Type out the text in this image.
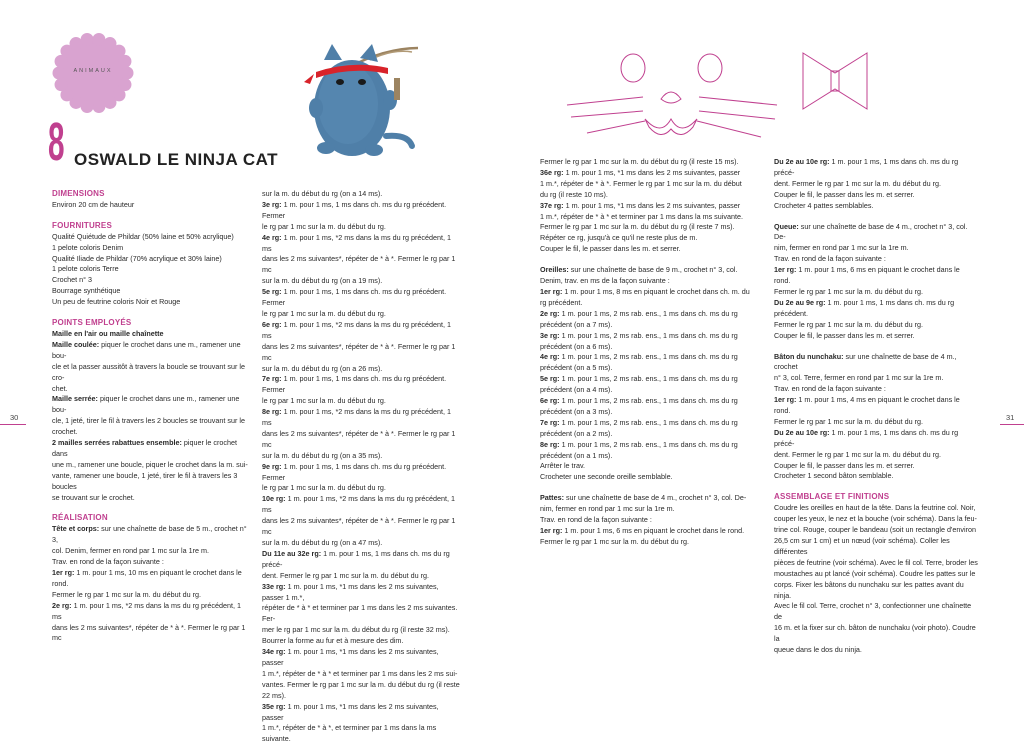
ANIMAUX
8 OSWALD LE NINJA CAT
30	31

DIMENSIONS

Environ 20 cm de hauteur

FOURNITURES

Qualité Quiétude de Phildar (50% laine et 50% acrylique)

1 pelote coloris Denim

Qualité Iliade de Phildar (70% acrylique et 30% laine)

1 pelote coloris Terre

Crochet n° 3

Bourrage synthétique

Un peu de feutrine coloris Noir et Rouge

POINTS EMPLOYÉS

Maille en l'air ou maille chaînette

Maille coulée: piquer le crochet dans une m., ramener une bou-

cle et la passer aussitôt à travers la boucle se trouvant sur le cro-

chet.

Maille serrée: piquer le crochet dans une m., ramener une bou-

cle, 1 jeté, tirer le fil à travers les 2 boucles se trouvant sur le

crochet.

2 mailles serrées rabattues ensemble: piquer le crochet dans

une m., ramener une boucle, piquer le crochet dans la m. sui-

vante, ramener une boucle, 1 jeté, tirer le fil à travers les 3 boucles

se trouvant sur le crochet.

RÉALISATION

Tête et corps: sur une chaînette de base de 5 m., crochet n° 3,

col. Denim, fermer en rond par 1 mc sur la 1re m.

Trav. en rond de la façon suivante :

1er rg: 1 m. pour 1 ms, 10 ms en piquant le crochet dans le rond.

Fermer le rg par 1 mc sur la m. du début du rg.

2e rg: 1 m. pour 1 ms, *2 ms dans la ms du rg précédent, 1 ms

dans les 2 ms suivantes*, répéter de * à *. Fermer le rg par 1 mc

sur la m. du début du rg (on a 14 ms).

3e rg: 1 m. pour 1 ms, 1 ms dans ch. ms du rg précédent. Fermer

le rg par 1 mc sur la m. du début du rg.

4e rg: 1 m. pour 1 ms, *2 ms dans la ms du rg précédent, 1 ms

dans les 2 ms suivantes*, répéter de * à *. Fermer le rg par 1 mc

sur la m. du début du rg (on a 19 ms).

5e rg: 1 m. pour 1 ms, 1 ms dans ch. ms du rg précédent. Fermer

le rg par 1 mc sur la m. du début du rg.

6e rg: 1 m. pour 1 ms, *2 ms dans la ms du rg précédent, 1 ms

dans les 2 ms suivantes*, répéter de * à *. Fermer le rg par 1 mc

sur la m. du début du rg (on a 26 ms).

7e rg: 1 m. pour 1 ms, 1 ms dans ch. ms du rg précédent. Fermer

le rg par 1 mc sur la m. du début du rg.

8e rg: 1 m. pour 1 ms, *2 ms dans la ms du rg précédent, 1 ms

dans les 2 ms suivantes*, répéter de * à *. Fermer le rg par 1 mc

sur la m. du début du rg (on a 35 ms).

9e rg: 1 m. pour 1 ms, 1 ms dans ch. ms du rg précédent. Fermer

le rg par 1 mc sur la m. du début du rg.

10e rg: 1 m. pour 1 ms, *2 ms dans la ms du rg précédent, 1 ms

dans les 2 ms suivantes*, répéter de * à *. Fermer le rg par 1 mc

sur la m. du début du rg (on a 47 ms).

Du 11e au 32e rg: 1 m. pour 1 ms, 1 ms dans ch. ms du rg précé-

dent. Fermer le rg par 1 mc sur la m. du début du rg.

33e rg: 1 m. pour 1 ms, *1 ms dans les 2 ms suivantes, passer 1 m.*,

répéter de * à * et terminer par 1 ms dans les 2 ms suivantes. Fer-

mer le rg par 1 mc sur la m. du début du rg (il reste 32 ms).

Bourrer la forme au fur et à mesure des dim.

34e rg: 1 m. pour 1 ms, *1 ms dans les 2 ms suivantes, passer

1 m.*, répéter de * à * et terminer par 1 ms dans les 2 ms sui-

vantes. Fermer le rg par 1 mc sur la m. du début du rg (il reste

22 ms).

35e rg: 1 m. pour 1 ms, *1 ms dans les 2 ms suivantes, passer

1 m.*, répéter de * à *, et terminer par 1 ms dans la ms suivante.

Fermer le rg par 1 mc sur la m. du début du rg (il reste 15 ms).

36e rg: 1 m. pour 1 ms, *1 ms dans les 2 ms suivantes, passer

1 m.*, répéter de * à *. Fermer le rg par 1 mc sur la m. du début

du rg (il reste 10 ms).

37e rg: 1 m. pour 1 ms, *1 ms dans les 2 ms suivantes, passer

1 m.*, répéter de * à * et terminer par 1 ms dans la ms suivante.

Fermer le rg par 1 mc sur la m. du début du rg (il reste 7 ms).

Répéter ce rg, jusqu'à ce qu'il ne reste plus de m.

Couper le fil, le passer dans les m. et serrer.

Oreilles: sur une chaînette de base de 9 m., crochet n° 3, col.

Denim, trav. en ms de la façon suivante :

1er rg: 1 m. pour 1 ms, 8 ms en piquant le crochet dans ch. m. du

rg précédent.

2e rg: 1 m. pour 1 ms, 2 ms rab. ens., 1 ms dans ch. ms du rg

précédent (on a 7 ms).

3e rg: 1 m. pour 1 ms, 2 ms rab. ens., 1 ms dans ch. ms du rg

précédent (on a 6 ms).

4e rg: 1 m. pour 1 ms, 2 ms rab. ens., 1 ms dans ch. ms du rg

précédent (on a 5 ms).

5e rg: 1 m. pour 1 ms, 2 ms rab. ens., 1 ms dans ch. ms du rg

précédent (on a 4 ms).

6e rg: 1 m. pour 1 ms, 2 ms rab. ens., 1 ms dans ch. ms du rg

précédent (on a 3 ms).

7e rg: 1 m. pour 1 ms, 2 ms rab. ens., 1 ms dans ch. ms du rg

précédent (on a 2 ms).

8e rg: 1 m. pour 1 ms, 2 ms rab. ens., 1 ms dans ch. ms du rg

précédent (on a 1 ms).

Arrêter le trav.

Crocheter une seconde oreille semblable.

Pattes: sur une chaînette de base de 4 m., crochet n° 3, col. De-

nim, fermer en rond par 1 mc sur la 1re m.

Trav. en rond de la façon suivante :

1er rg: 1 m. pour 1 ms, 6 ms en piquant le crochet dans le rond.

Fermer le rg par 1 mc sur la m. du début du rg.

Du 2e au 10e rg: 1 m. pour 1 ms, 1 ms dans ch. ms du rg précé-

dent. Fermer le rg par 1 mc sur la m. du début du rg.

Couper le fil, le passer dans les m. et serrer.

Crocheter 4 pattes semblables.

Queue: sur une chaînette de base de 4 m., crochet n° 3, col. De-

nim, fermer en rond par 1 mc sur la 1re m.

Trav. en rond de la façon suivante :

1er rg: 1 m. pour 1 ms, 6 ms en piquant le crochet dans le rond.

Fermer le rg par 1 mc sur la m. du début du rg.

Du 2e au 9e rg: 1 m. pour 1 ms, 1 ms dans ch. ms du rg précédent.

Fermer le rg par 1 mc sur la m. du début du rg.

Couper le fil, le passer dans les m. et serrer.

Bâton du nunchaku: sur une chaînette de base de 4 m., crochet

n° 3, col. Terre, fermer en rond par 1 mc sur la 1re m.

Trav. en rond de la façon suivante :

1er rg: 1 m. pour 1 ms, 4 ms en piquant le crochet dans le rond.

Fermer le rg par 1 mc sur la m. du début du rg.

Du 2e au 10e rg: 1 m. pour 1 ms, 1 ms dans ch. ms du rg précé-

dent. Fermer le rg par 1 mc sur la m. du début du rg.

Couper le fil, le passer dans les m. et serrer.

Crocheter 1 second bâton semblable.

ASSEMBLAGE ET FINITIONS

Coudre les oreilles en haut de la tête. Dans la feutrine col. Noir,

couper les yeux, le nez et la bouche (voir schéma). Dans la feu-

trine col. Rouge, couper le bandeau (soit un rectangle d'environ

26,5 cm sur 1 cm) et un nœud (voir schéma). Coller les différentes

pièces de feutrine (voir schéma). Avec le fil col. Terre, broder les

moustaches au pt lancé (voir schéma). Coudre les pattes sur le

corps. Fixer les bâtons du nunchaku sur les pattes avant du ninja.

Avec le fil col. Terre, crochet n° 3, confectionner une chaînette de

16 m. et la fixer sur ch. bâton de nunchaku (voir photo). Coudre la

queue dans le dos du ninja.
